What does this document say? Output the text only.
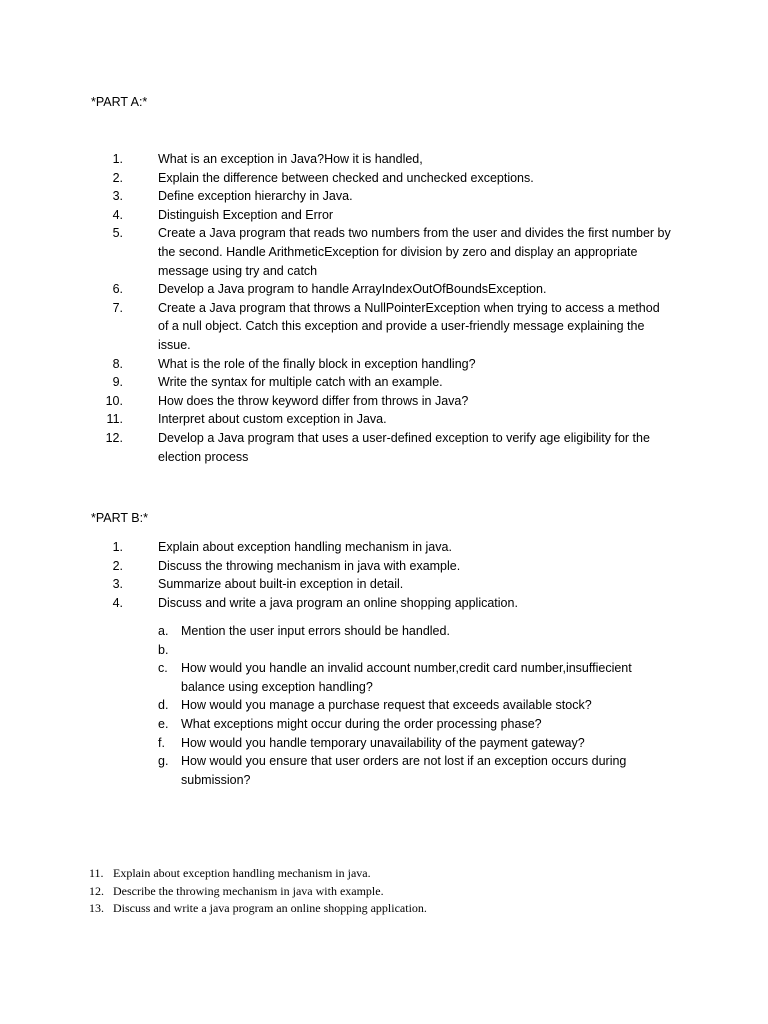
*PART A:*
1.	What is an exception in Java?How it is handled,
2.	Explain the difference between checked and unchecked exceptions.
3.	Define exception hierarchy in Java.
4.	Distinguish Exception and Error
5.	Create a Java program that reads two numbers from the user and divides the first number by the second. Handle ArithmeticException for division by zero and display an appropriate message using try and catch
6.	Develop a Java program to handle ArrayIndexOutOfBoundsException.
7.	Create a Java program that throws a NullPointerException when trying to access a method of a null object. Catch this exception and provide a user-friendly message explaining the issue.
8.	What is the role of the finally block in exception handling?
9.	Write the syntax for multiple catch with an example.
10.	How does the throw keyword differ from throws in Java?
11.	Interpret about custom exception in Java.
12.	Develop a Java program that uses a user-defined exception to verify age eligibility for the election process
*PART B:*
1.	Explain about exception handling mechanism in java.
2.	Discuss the throwing mechanism in java with example.
3.	Summarize about built-in exception in detail.
4.	Discuss and write a java program an online shopping application.
a. Mention the user input errors should be handled.
b.
c. How would you handle an invalid account number,credit card number,insuffiecient balance using exception handling?
d. How would you manage a purchase request that exceeds available stock?
e. What exceptions might occur during the order processing phase?
f. How would you handle temporary unavailability of the payment gateway?
g. How would you ensure that user orders are not lost if an exception occurs during submission?
11. Explain about exception handling mechanism in java.
12. Describe the throwing mechanism in java with example.
13. Discuss and write a java program an online shopping application.
